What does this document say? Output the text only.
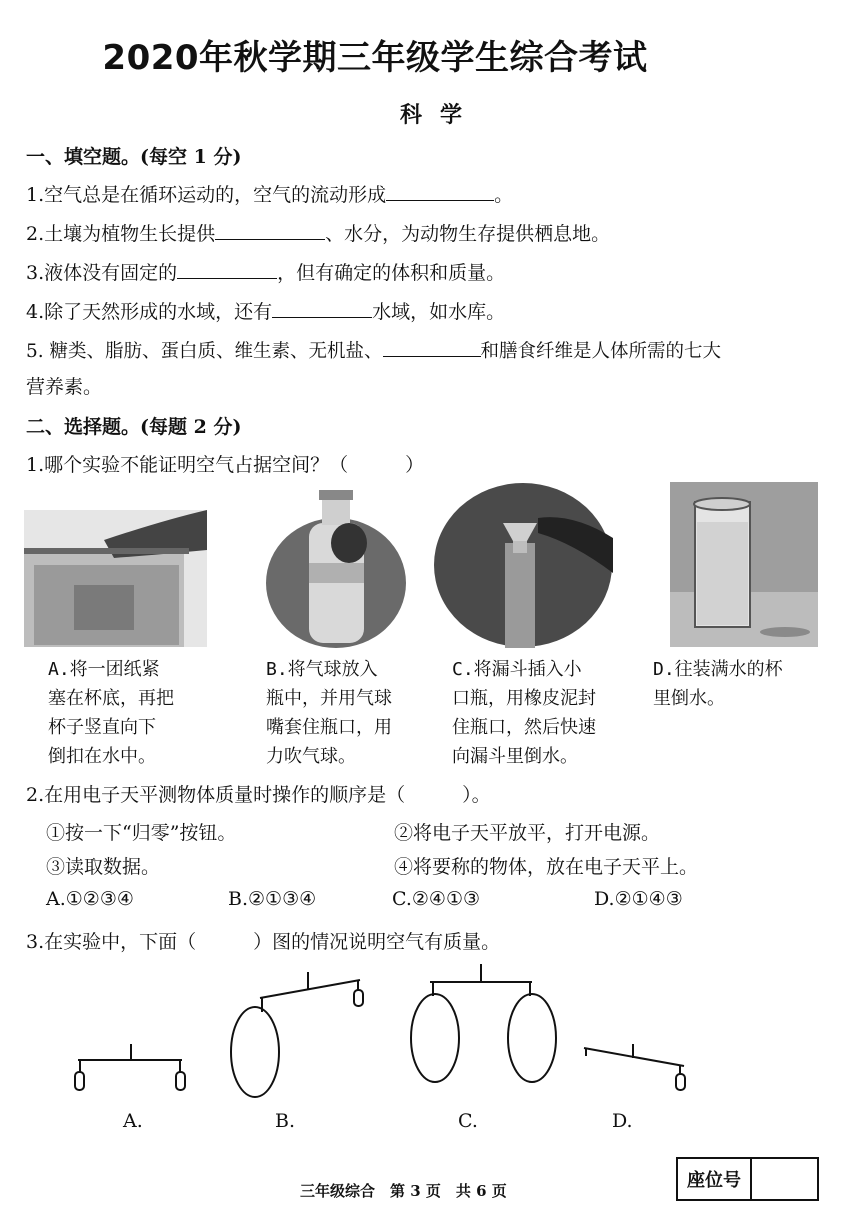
2020年秋学期三年级学生综合考试
科学
一、填空题。(每空 1 分)
1.空气总是在循环运动的，空气的流动形成	。
2.土壤为植物生长提供	、水分，为动物生存提供栖息地。
3.液体没有固定的	，但有确定的体积和质量。
4.除了天然形成的水域，还有	水域，如水库。
5. 糖类、脂肪、蛋白质、维生素、无机盐、	和膳食纤维是人体所需的七大
营养素。
二、选择题。(每题 2 分)
1.哪个实验不能证明空气占据空间？（　　　）
A.将一团纸紧
塞在杯底，再把
杯子竖直向下
倒扣在水中。
B.将气球放入
瓶中，并用气球
嘴套住瓶口，用
力吹气球。
C.将漏斗插入小
口瓶，用橡皮泥封
住瓶口，然后快速
向漏斗里倒水。
D.往装满水的杯
里倒水。
2.在用电子天平测物体质量时操作的顺序是（　　　）。
①按一下“归零”按钮。	②将电子天平放平，打开电源。
③读取数据。	④将要称的物体，放在电子天平上。
A.①②③④	B.②①③④	C.②④①③	D.②①④③
3.在实验中，下面（　　　）图的情况说明空气有质量。
A.	B.	C.	D.
三年级综合　第 3 页　共 6 页	座位号
